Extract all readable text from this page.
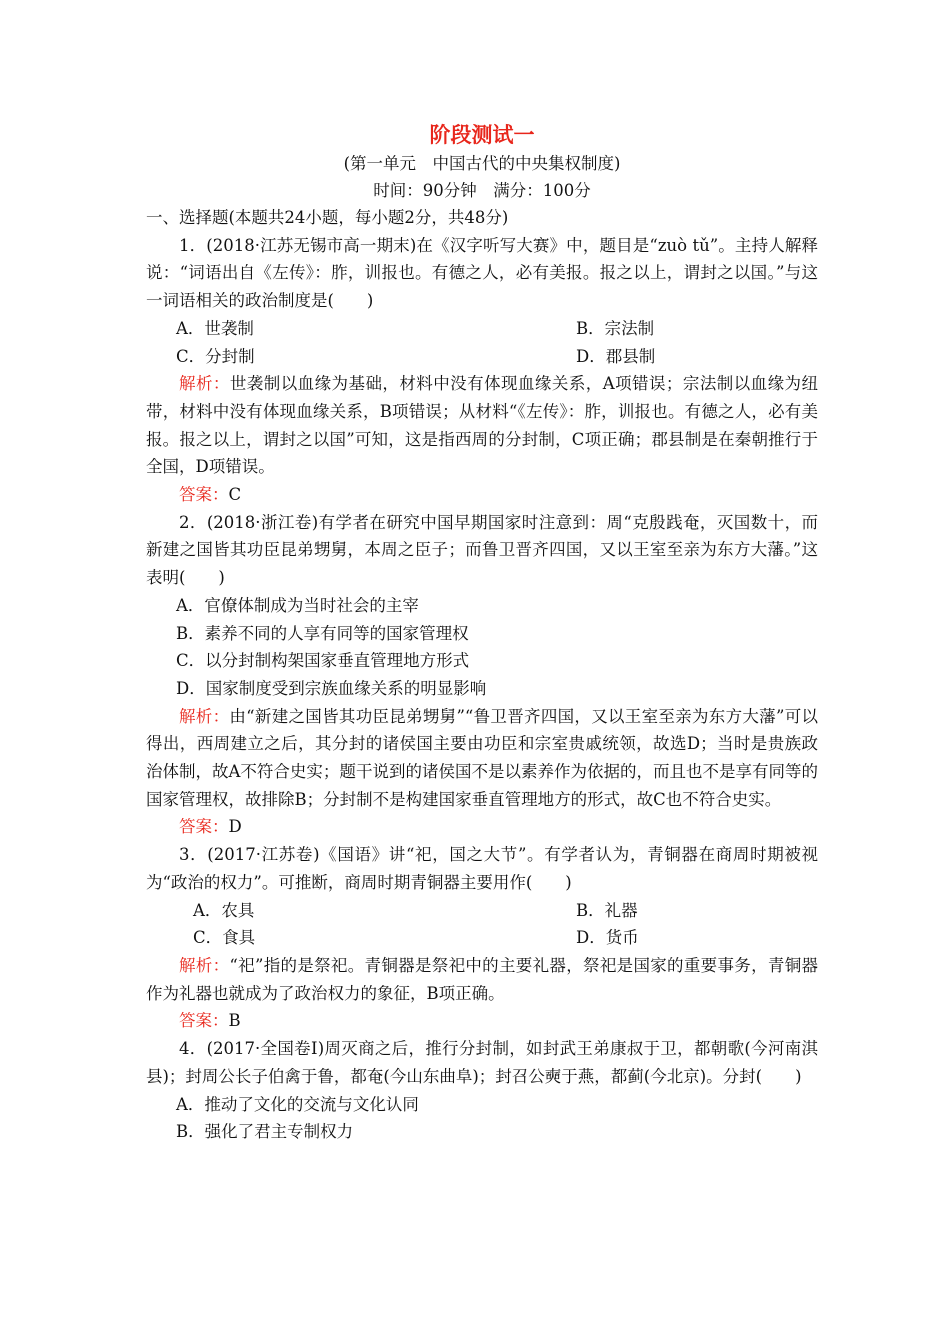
阶段测试一
(第一单元　中国古代的中央集权制度)
时间：90分钟　满分：100分
一、选择题(本题共24小题，每小题2分，共48分)
1．(2018·江苏无锡市高一期末)在《汉字听写大赛》中，题目是“zuò tǔ”。主持人解释说：“词语出自《左传》：胙，训报也。有德之人，必有美报。报之以上，谓封之以国。”与这一词语相关的政治制度是(　　)
A．世袭制	B．宗法制
C．分封制	D．郡县制
解析：世袭制以血缘为基础，材料中没有体现血缘关系，A项错误；宗法制以血缘为纽带，材料中没有体现血缘关系，B项错误；从材料“《左传》：胙，训报也。有德之人，必有美报。报之以上，谓封之以国”可知，这是指西周的分封制，C项正确；郡县制是在秦朝推行于全国，D项错误。
答案：C
2．(2018·浙江卷)有学者在研究中国早期国家时注意到：周“克殷践奄，灭国数十，而新建之国皆其功臣昆弟甥舅，本周之臣子；而鲁卫晋齐四国，又以王室至亲为东方大藩。”这表明(　　)
A．官僚体制成为当时社会的主宰
B．素养不同的人享有同等的国家管理权
C．以分封制构架国家垂直管理地方形式
D．国家制度受到宗族血缘关系的明显影响
解析：由“新建之国皆其功臣昆弟甥舅”“鲁卫晋齐四国，又以王室至亲为东方大藩”可以得出，西周建立之后，其分封的诸侯国主要由功臣和宗室贵戚统领，故选D；当时是贵族政治体制，故A不符合史实；题干说到的诸侯国不是以素养作为依据的，而且也不是享有同等的国家管理权，故排除B；分封制不是构建国家垂直管理地方的形式，故C也不符合史实。
答案：D
3．(2017·江苏卷)《国语》讲“祀，国之大节”。有学者认为，青铜器在商周时期被视为“政治的权力”。可推断，商周时期青铜器主要用作(　　)
A．农具	B．礼器
C．食具	D．货币
解析：“祀”指的是祭祀。青铜器是祭祀中的主要礼器，祭祀是国家的重要事务，青铜器作为礼器也就成为了政治权力的象征，B项正确。
答案：B
4．(2017·全国卷Ⅰ)周灭商之后，推行分封制，如封武王弟康叔于卫，都朝歌(今河南淇县)；封周公长子伯禽于鲁，都奄(今山东曲阜)；封召公奭于燕，都蓟(今北京)。分封(　　)
A．推动了文化的交流与文化认同
B．强化了君主专制权力
